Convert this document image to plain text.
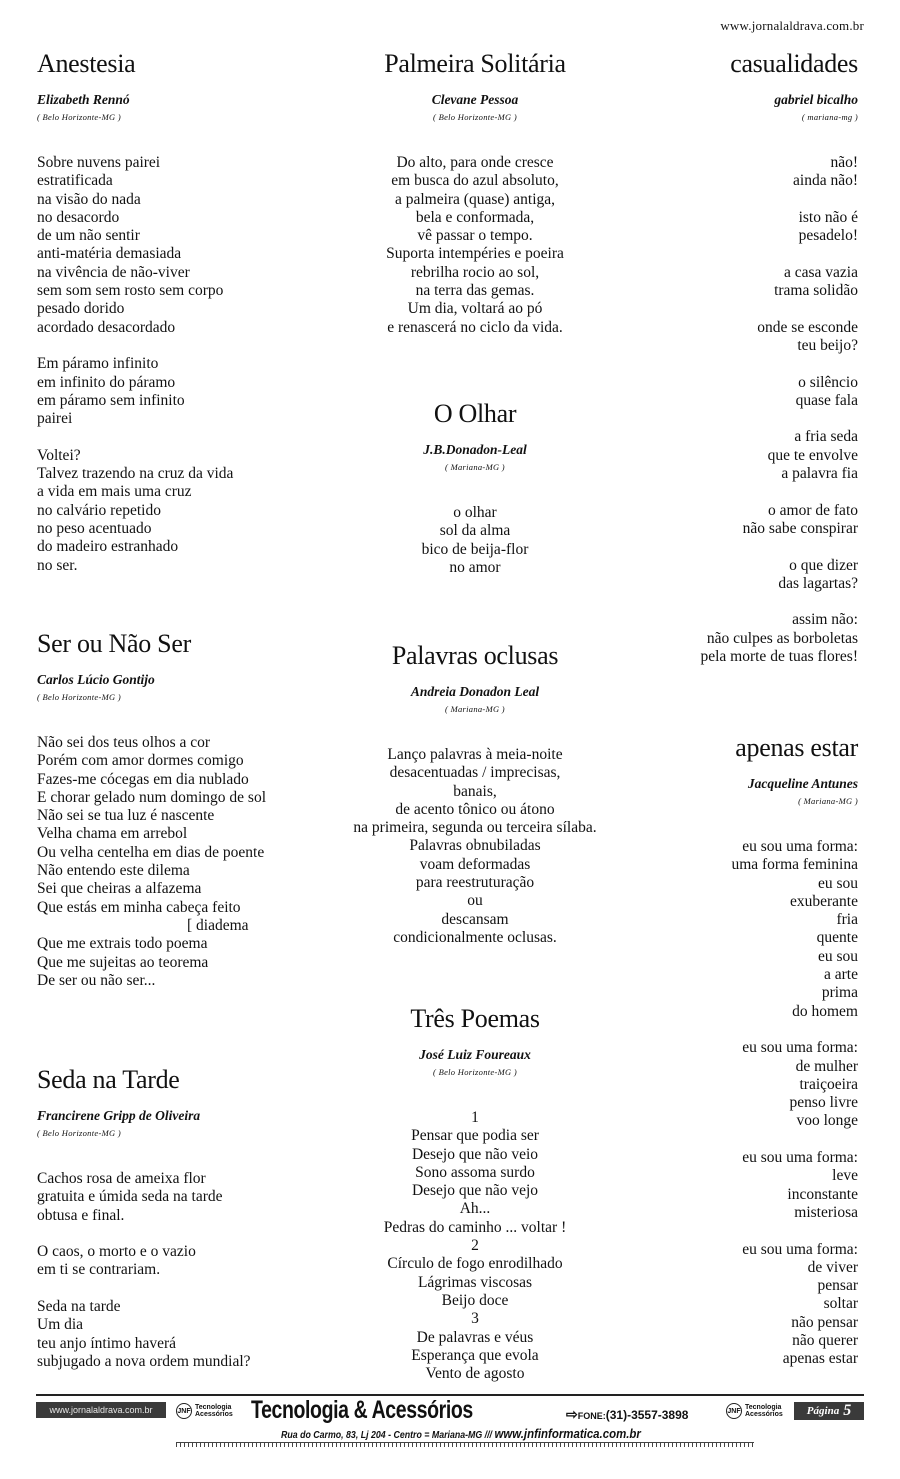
www.jornalaldrava.com.br
Anestesia
Elizabeth Rennó
( Belo Horizonte-MG )
Sobre nuvens pairei
estratificada
na visão do nada
no desacordo
de um não sentir
anti-matéria demasiada
na vivência de não-viver
sem som sem rosto sem corpo
pesado dorido
acordado desacordado
Em páramo infinito
em infinito do páramo
em páramo sem infinito
pairei
Voltei?
Talvez trazendo na cruz da vida
a vida em mais uma cruz
no calvário repetido
no peso acentuado
do madeiro estranhado
no ser.
Ser ou Não Ser
Carlos Lúcio Gontijo
( Belo Horizonte-MG )
Não sei dos teus olhos a cor
Porém com amor dormes comigo
Fazes-me cócegas em dia nublado
E chorar gelado num domingo de sol
Não sei se tua luz é nascente
Velha chama em arrebol
Ou velha centelha em dias de poente
Não entendo este dilema
Sei que cheiras a alfazema
Que estás em minha cabeça feito
[ diadema
Que me extrais todo poema
Que me sujeitas ao teorema
De ser ou não ser...
Seda na Tarde
Francirene Gripp de Oliveira
( Belo Horizonte-MG )
Cachos rosa de ameixa flor
gratuita e úmida seda na tarde
obtusa e final.
O caos, o morto e o vazio
em ti se contrariam.
Seda na tarde
Um dia
teu anjo íntimo haverá
subjugado a nova ordem mundial?
Palmeira Solitária
Clevane Pessoa
( Belo Horizonte-MG )
Do alto, para onde cresce
em busca do azul absoluto,
a palmeira (quase) antiga,
bela e conformada,
vê passar o tempo.
Suporta intempéries e poeira
rebrilha rocio ao sol,
na terra das gemas.
Um dia, voltará ao pó
e renascerá no ciclo da vida.
O Olhar
J.B.Donadon-Leal
( Mariana-MG )
o olhar
sol da alma
bico de beija-flor
no amor
Palavras oclusas
Andreia Donadon Leal
( Mariana-MG )
Lanço palavras à meia-noite
desacentuadas / imprecisas,
banais,
de acento tônico ou átono
na primeira, segunda ou terceira sílaba.
Palavras obnubiladas
voam deformadas
para reestruturação
ou
descansam
condicionalmente oclusas.
Três Poemas
José Luiz Foureaux
( Belo Horizonte-MG )
1
Pensar que podia ser
Desejo que não veio
Sono assoma surdo
Desejo que não vejo
Ah...
Pedras do caminho ... voltar !
2
Círculo de fogo enrodilhado
Lágrimas viscosas
Beijo doce
3
De palavras e véus
Esperança que evola
Vento de agosto
casualidades
gabriel bicalho
( mariana-mg )
não!
ainda não!
isto não é
pesadelo!
a casa vazia
trama solidão
onde se esconde
teu beijo?
o silêncio
quase fala
a fria seda
que te envolve
a palavra fia
o amor de fato
não sabe conspirar
o que dizer
das lagartas?
assim não:
não culpes as borboletas
pela morte de tuas flores!
apenas estar
Jacqueline Antunes
( Mariana-MG )
eu sou uma forma:
uma forma feminina
eu sou
exuberante
fria
quente
eu sou
a arte
prima
do homem
eu sou uma forma:
de mulher
traiçoeira
penso livre
voo longe
eu sou uma forma:
leve
inconstante
misteriosa
eu sou uma forma:
de viver
pensar
soltar
não pensar
não querer
apenas estar
www.jornalaldrava.com.br	JNF Tecnologia
Acessórios Tecnologia & Acessórios	⇨FONE:(31)-3557-3898	JNF Tecnologia
Acessórios Página 5
Rua do Carmo, 83, Lj 204 - Centro = Mariana-MG /// www.jnfinformatica.com.br
